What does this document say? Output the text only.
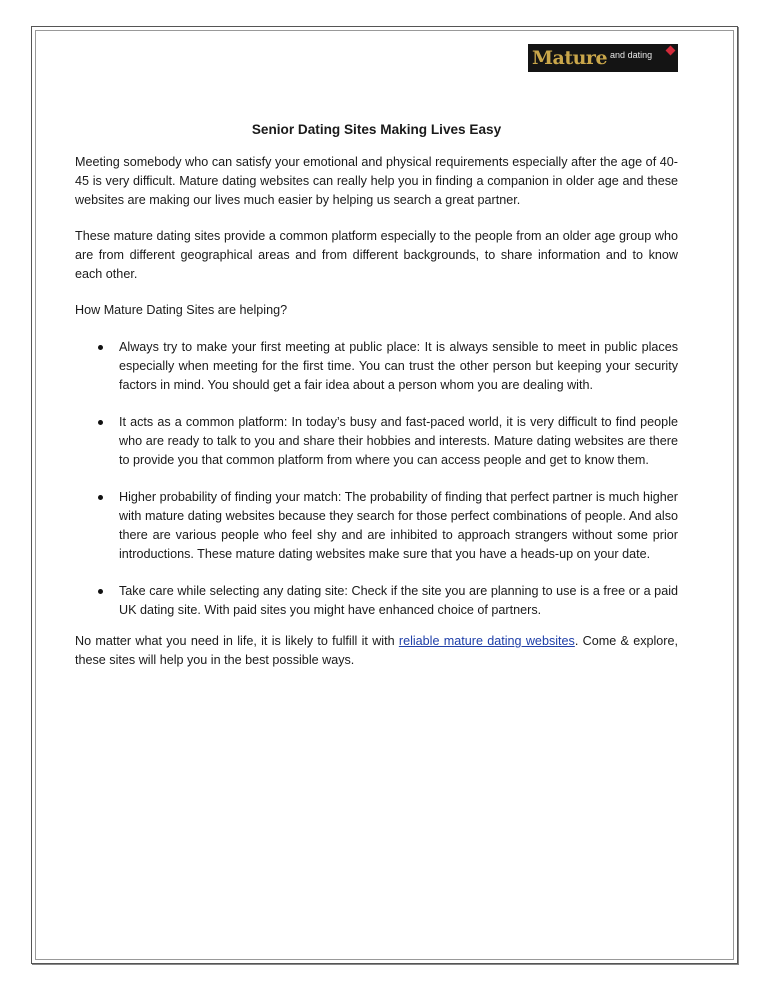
Mature and dating
Senior Dating Sites Making Lives Easy

Meeting somebody who can satisfy your emotional and physical requirements especially after the age of 40-45 is very difficult. Mature dating websites can really help you in finding a companion in older age and these websites are making our lives much easier by helping us search a great partner.

These mature dating sites provide a common platform especially to the people from an older age group who are from different geographical areas and from different backgrounds, to share information and to know each other.

How Mature Dating Sites are helping?

Always try to make your first meeting at public place: It is always sensible to meet in public places especially when meeting for the first time. You can trust the other person but keeping your security factors in mind. You should get a fair idea about a person whom you are dealing with.
It acts as a common platform: In today’s busy and fast-paced world, it is very difficult to find people who are ready to talk to you and share their hobbies and interests. Mature dating websites are there to provide you that common platform from where you can access people and get to know them.
Higher probability of finding your match: The probability of finding that perfect partner is much higher with mature dating websites because they search for those perfect combinations of people. And also there are various people who feel shy and are inhibited to approach strangers without some prior introductions. These mature dating websites make sure that you have a heads-up on your date.
Take care while selecting any dating site: Check if the site you are planning to use is a free or a paid UK dating site. With paid sites you might have enhanced choice of partners.

No matter what you need in life, it is likely to fulfill it with reliable mature dating websites. Come & explore, these sites will help you in the best possible ways.
